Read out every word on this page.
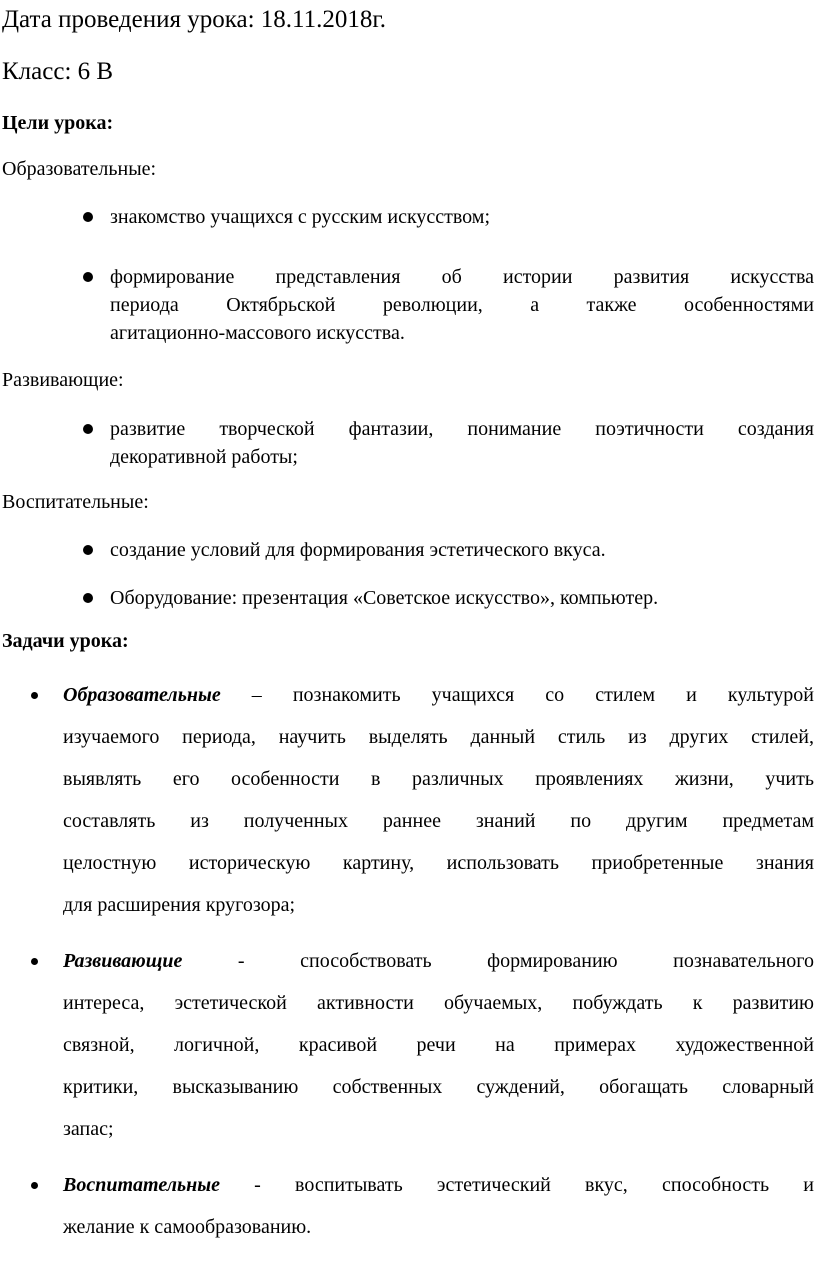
Дата проведения урока: 18.11.2018г.
Класс: 6 В
Цели урока:
Образовательные:
знакомство учащихся с русским искусством;
формирование представления об истории развития искусства
периода Октябрьской революции, а также особенностями
агитационно-массового искусства.
Развивающие:
развитие творческой фантазии, понимание поэтичности создания
декоративной работы;
Воспитательные:
создание условий для формирования эстетического вкуса.
Оборудование: презентация «Советское искусство», компьютер.
Задачи урока:
Образовательные – познакомить учащихся со стилем и культурой
изучаемого периода, научить выделять данный стиль из других стилей,
выявлять его особенности в различных проявлениях жизни, учить
составлять из полученных раннее знаний по другим предметам
целостную историческую картину, использовать приобретенные знания
для расширения кругозора;
Развивающие - способствовать формированию познавательного
интереса, эстетической активности обучаемых, побуждать к развитию
связной, логичной, красивой речи на примерах художественной
критики, высказыванию собственных суждений, обогащать словарный
запас;
Воспитательные - воспитывать эстетический вкус, способность и
желание к самообразованию.
